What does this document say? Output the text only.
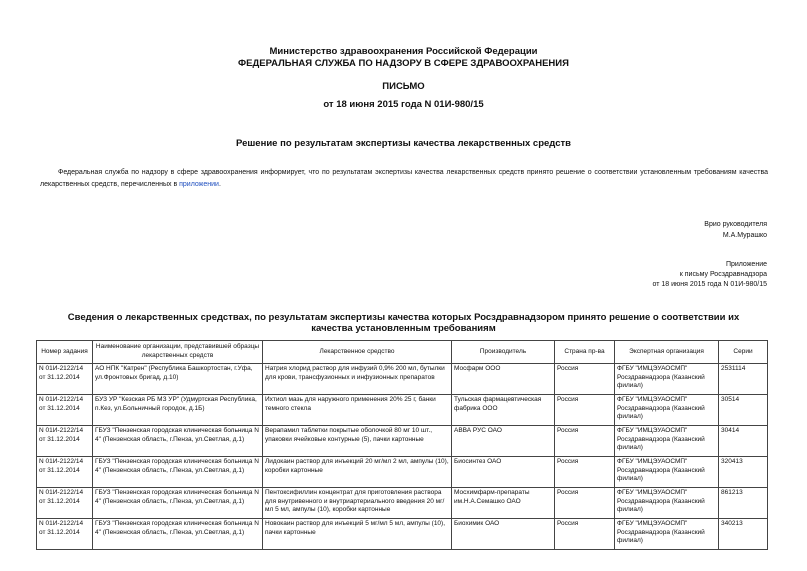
Министерство здравоохранения Российской Федерации
ФЕДЕРАЛЬНАЯ СЛУЖБА ПО НАДЗОРУ В СФЕРЕ ЗДРАВООХРАНЕНИЯ
ПИСЬМО
от 18 июня 2015 года N 01И-980/15
Решение по результатам экспертизы качества лекарственных средств
Федеральная служба по надзору в сфере здравоохранения информирует, что по результатам экспертизы качества лекарственных средств принято решение о соответствии установленным требованиям качества лекарственных средств, перечисленных в приложении.
Врио руководителя
М.А.Мурашко
Приложение
к письму Росздравнадзора
от 18 июня 2015 года N 01И-980/15
Сведения о лекарственных средствах, по результатам экспертизы качества которых Росздравнадзором принято решение о соответствии их качества установленным требованиям
Номер задания	Наименование организации, представившей образцы лекарственных средств	Лекарственное средство	Производитель	Страна пр-ва	Экспертная организация	Серии
N 01И-2122/14 от 31.12.2014	АО НПК "Катрен" (Республика Башкортостан, г.Уфа, ул.Фронтовых бригад, д.10)	Натрия хлорид раствор для инфузий 0,9% 200 мл, бутылки для крови, трансфузионных и инфузионных препаратов	Мосфарм ООО	Россия	ФГБУ "ИМЦЭУАОСМП" Росздравнадзора (Казанский филиал)	2531114
N 01И-2122/14 от 31.12.2014	БУЗ УР "Кезская РБ МЗ УР" (Удмуртская Республика, п.Кез, ул.Больничный городок, д.1Б)	Ихтиол мазь для наружного применения 20% 25 г, банки темного стекла	Тульская фармацевтическая фабрика ООО	Россия	ФГБУ "ИМЦЭУАОСМП" Росздравнадзора (Казанский филиал)	30514
N 01И-2122/14 от 31.12.2014	ГБУЗ "Пензенская городская клиническая больница N 4" (Пензенская область, г.Пенза, ул.Светлая, д.1)	Верапамил таблетки покрытые оболочкой 80 мг 10 шт., упаковки ячейковые контурные (5), пачки картонные	АВВА РУС ОАО	Россия	ФГБУ "ИМЦЭУАОСМП" Росздравнадзора (Казанский филиал)	30414
N 01И-2122/14 от 31.12.2014	ГБУЗ "Пензенская городская клиническая больница N 4" (Пензенская область, г.Пенза, ул.Светлая, д.1)	Лидокаин раствор для инъекций 20 мг/мл 2 мл, ампулы (10), коробки картонные	Биосинтез ОАО	Россия	ФГБУ "ИМЦЭУАОСМП" Росздравнадзора (Казанский филиал)	320413
N 01И-2122/14 от 31.12.2014	ГБУЗ "Пензенская городская клиническая больница N 4" (Пензенская область, г.Пенза, ул.Светлая, д.1)	Пентоксифиллин концентрат для приготовления раствора для внутривенного и внутриартериального введения 20 мг/мл 5 мл, ампулы (10), коробки картонные	Мосхимфарм-препараты им.Н.А.Семашко ОАО	Россия	ФГБУ "ИМЦЭУАОСМП" Росздравнадзора (Казанский филиал)	861213
N 01И-2122/14 от 31.12.2014	ГБУЗ "Пензенская городская клиническая больница N 4" (Пензенская область, г.Пенза, ул.Светлая, д.1)	Новокаин раствор для инъекций 5 мг/мл 5 мл, ампулы (10), пачки картонные	Биохимик ОАО	Россия	ФГБУ "ИМЦЭУАОСМП" Росздравнадзора (Казанский филиал)	340213
